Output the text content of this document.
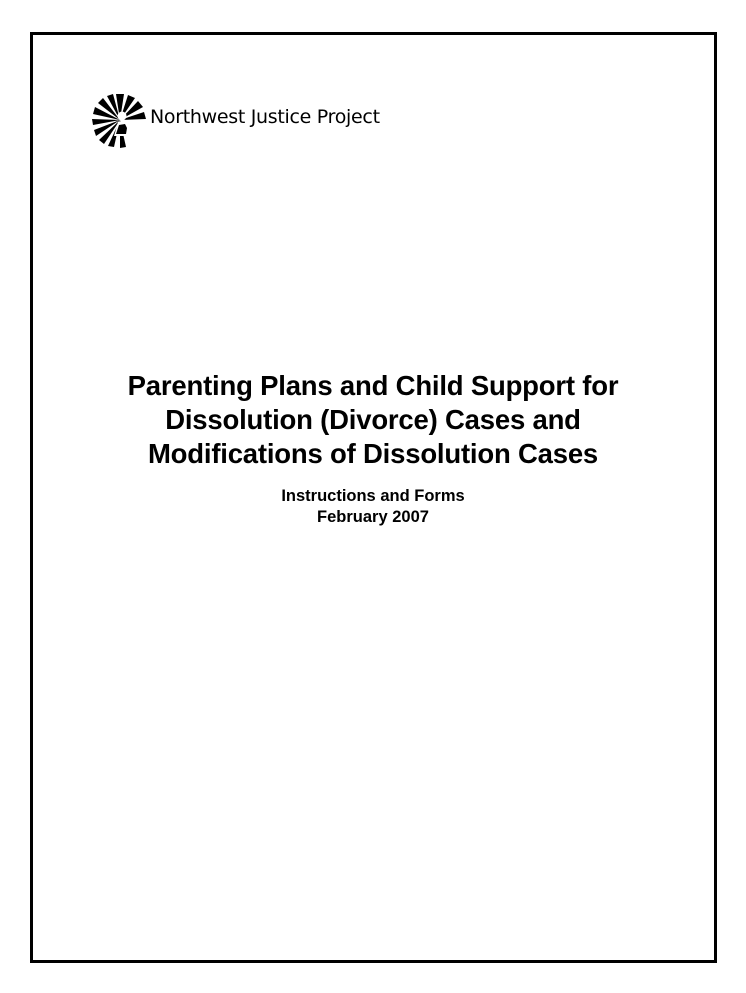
Northwest Justice Project
Parenting Plans and Child Support for
Dissolution (Divorce) Cases and
Modifications of Dissolution Cases
Instructions and Forms
February 2007
